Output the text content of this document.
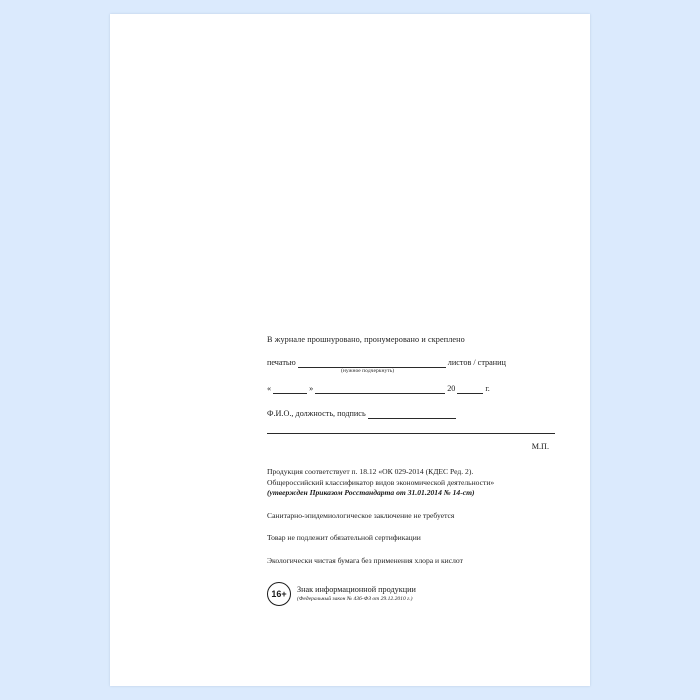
В журнале прошнуровано, пронумеровано и скреплено
печатью	листов / страниц
(нужное подчеркнуть)
«	»	20	г.
Ф.И.О., должность, подпись
М.П.
Продукция соответствует п. 18.12 «ОК 029-2014 (КДЕС Ред. 2).
Общероссийский классификатор видов экономической деятельности»
(утвержден Приказом Росстандарта от 31.01.2014 № 14-ст)
Санитарно-эпидемиологическое заключение не требуется
Товар не подлежит обязательной сертификации
Экологически чистая бумага без применения хлора и кислот
16+	Знак информационной продукции
(Федеральный закон № 436-ФЗ от 29.12.2010 г.)
